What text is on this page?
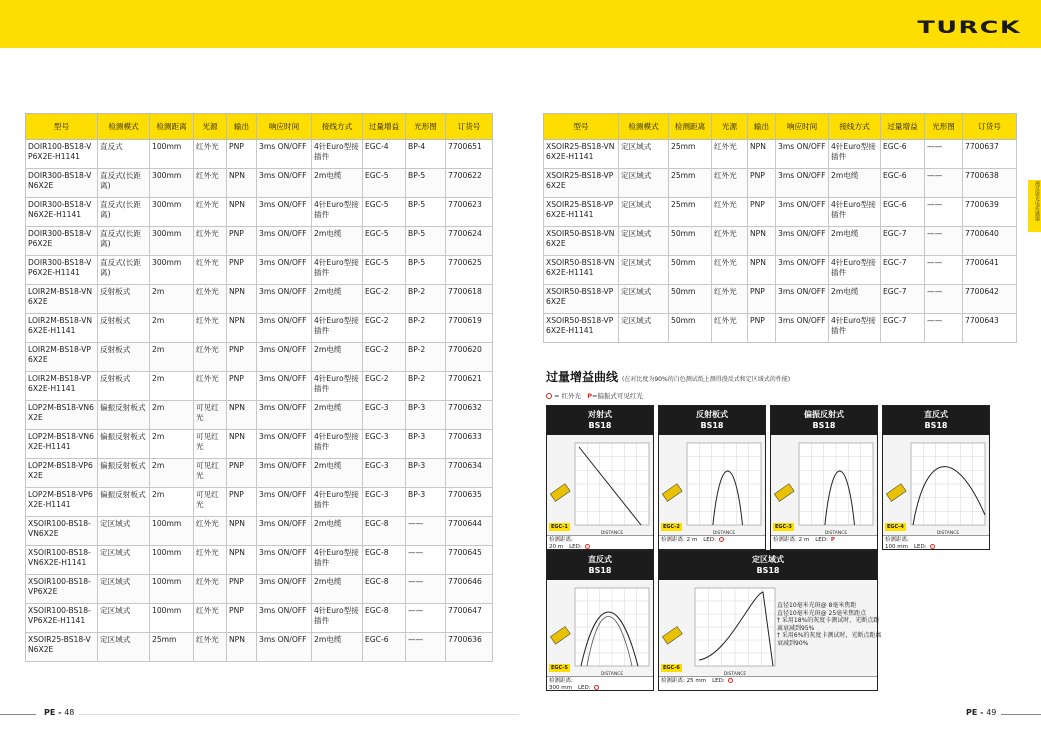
TURCK
漫反射光电传感器
型号	检测模式	检测距离	光源	输出	响应时间	接线方式	过量增益	光形图	订货号
DOIR100-BS18-VP6X2E-H1141	直反式	100mm	红外光	PNP	3ms ON/OFF	4针Euro型接插件	EGC-4	BP-4	7700651
DOIR300-BS18-VN6X2E	直反式(长距离)	300mm	红外光	NPN	3ms ON/OFF	2m电缆	EGC-5	BP-5	7700622
DOIR300-BS18-VN6X2E-H1141	直反式(长距离)	300mm	红外光	NPN	3ms ON/OFF	4针Euro型接插件	EGC-5	BP-5	7700623
DOIR300-BS18-VP6X2E	直反式(长距离)	300mm	红外光	PNP	3ms ON/OFF	2m电缆	EGC-5	BP-5	7700624
DOIR300-BS18-VP6X2E-H1141	直反式(长距离)	300mm	红外光	PNP	3ms ON/OFF	4针Euro型接插件	EGC-5	BP-5	7700625
LOIR2M-BS18-VN6X2E	反射板式	2m	红外光	NPN	3ms ON/OFF	2m电缆	EGC-2	BP-2	7700618
LOIR2M-BS18-VN6X2E-H1141	反射板式	2m	红外光	NPN	3ms ON/OFF	4针Euro型接插件	EGC-2	BP-2	7700619
LOIR2M-BS18-VP6X2E	反射板式	2m	红外光	PNP	3ms ON/OFF	2m电缆	EGC-2	BP-2	7700620
LOIR2M-BS18-VP6X2E-H1141	反射板式	2m	红外光	PNP	3ms ON/OFF	4针Euro型接插件	EGC-2	BP-2	7700621
LOP2M-BS18-VN6X2E	偏振反射板式	2m	可见红光	NPN	3ms ON/OFF	2m电缆	EGC-3	BP-3	7700632
LOP2M-BS18-VN6X2E-H1141	偏振反射板式	2m	可见红光	NPN	3ms ON/OFF	4针Euro型接插件	EGC-3	BP-3	7700633
LOP2M-BS18-VP6X2E	偏振反射板式	2m	可见红光	PNP	3ms ON/OFF	2m电缆	EGC-3	BP-3	7700634
LOP2M-BS18-VP6X2E-H1141	偏振反射板式	2m	可见红光	PNP	3ms ON/OFF	4针Euro型接插件	EGC-3	BP-3	7700635
XSOIR100-BS18-VN6X2E	定区域式	100mm	红外光	NPN	3ms ON/OFF	2m电缆	EGC-8	——	7700644
XSOIR100-BS18-VN6X2E-H1141	定区域式	100mm	红外光	NPN	3ms ON/OFF	4针Euro型接插件	EGC-8	——	7700645
XSOIR100-BS18-VP6X2E	定区域式	100mm	红外光	PNP	3ms ON/OFF	2m电缆	EGC-8	——	7700646
XSOIR100-BS18-VP6X2E-H1141	定区域式	100mm	红外光	PNP	3ms ON/OFF	4针Euro型接插件	EGC-8	——	7700647
XSOIR25-BS18-VN6X2E	定区域式	25mm	红外光	NPN	3ms ON/OFF	2m电缆	EGC-6	——	7700636
型号	检测模式	检测距离	光源	输出	响应时间	接线方式	过量增益	光形图	订货号
XSOIR25-BS18-VN6X2E-H1141	定区域式	25mm	红外光	NPN	3ms ON/OFF	4针Euro型接插件	EGC-6	——	7700637
XSOIR25-BS18-VP6X2E	定区域式	25mm	红外光	PNP	3ms ON/OFF	2m电缆	EGC-6	——	7700638
XSOIR25-BS18-VP6X2E-H1141	定区域式	25mm	红外光	PNP	3ms ON/OFF	4针Euro型接插件	EGC-6	——	7700639
XSOIR50-BS18-VN6X2E	定区域式	50mm	红外光	NPN	3ms ON/OFF	2m电缆	EGC-7	——	7700640
XSOIR50-BS18-VN6X2E-H1141	定区域式	50mm	红外光	NPN	3ms ON/OFF	4针Euro型接插件	EGC-7	——	7700641
XSOIR50-BS18-VP6X2E	定区域式	50mm	红外光	PNP	3ms ON/OFF	2m电缆	EGC-7	——	7700642
XSOIR50-BS18-VP6X2E-H1141	定区域式	50mm	红外光	PNP	3ms ON/OFF	4针Euro型接插件	EGC-7	——	7700643
过量增益曲线 (在对比度为90%的白色测试纸上测得漫反式和定区域式的性能)
= 红外光 P=偏振式可见红光
对射式
BS18
DISTANCE
EGC-1
检测距离:
20 m LED:
反射板式
BS18
DISTANCE
EGC-2
检测距离: 2 m LED:
偏振反射式
BS18
DISTANCE
EGC-3
检测距离: 2 m LED: P
直反式
BS18
DISTANCE
EGC-4
检测距离:
100 mm LED:
直反式
BS18
DISTANCE
EGC-5
检测距离:
300 mm LED:
定区域式
BS18
DISTANCE
直径10毫米光斑@ 8毫米焦距
直径10毫米光斑@ 25毫米焦距点
† 采用18%的灰度卡测试时，光断点距离衰减到95%
† 采用6%的灰度卡测试时，光断点距离衰减到90%
EGC-6
检测距离: 25 mm LED:
PE - 48	PE - 49
